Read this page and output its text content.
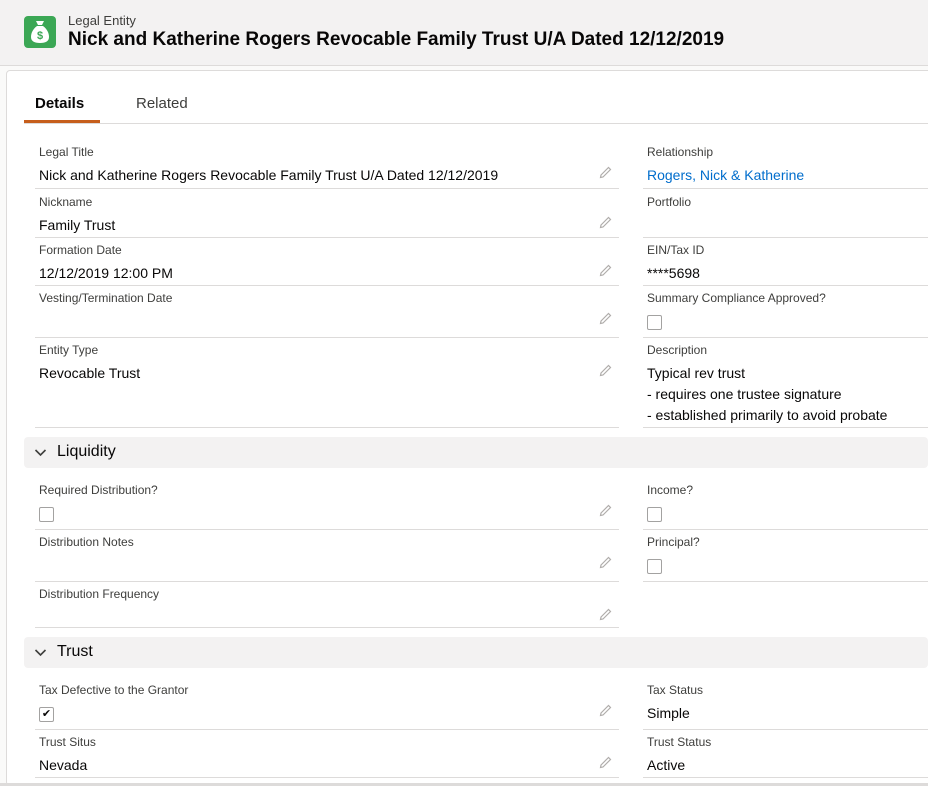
$
Legal Entity
Nick and Katherine Rogers Revocable Family Trust U/A Dated 12/12/2019
Details	Related
Legal Title
Nick and Katherine Rogers Revocable Family Trust U/A Dated 12/12/2019
Nickname
Family Trust
Formation Date
12/12/2019 12:00 PM
Vesting/Termination Date
Entity Type
Revocable Trust
Relationship
Rogers, Nick & Katherine
Portfolio
EIN/Tax ID
****5698
Summary Compliance Approved?
Description
Typical rev trust
- requires one trustee signature
- established primarily to avoid probate
Liquidity
Required Distribution?
Distribution Notes
Distribution Frequency
Income?
Principal?
Trust
Tax Defective to the Grantor
✔
Trust Situs
Nevada
Tax Status
Simple
Trust Status
Active
